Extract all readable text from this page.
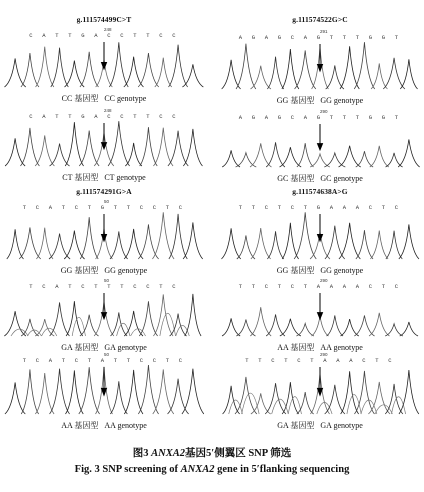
g.111574499C>T
248
C A T T G A C C T T C C
CC 基因型 CC genotype
248
C A T T G A C C T T C C
CT 基因型 CT genotype
g.111574522G>C
291
A G A G C A G T T T G G T
GG 基因型 GG genotype
290
A G A G C A G T T T G G T
GC 基因型 GC genotype
g.111574291G>A
50
T C A T C T G T T C C T C
GG 基因型 GG genotype
50
T C A T C T T T C C T C
GA 基因型 GA genotype
50
T C A T C T A T T C C T C
AA 基因型 AA genotype
g.111574638A>G
T T C T C T G A A A C T C
GG 基因型 GG genotype
290
T T C T C T A A A A C T C
AA 基因型 AA genotype
290
T T C T C T A A A C T C
GA 基因型 GA genotype
图3 ANXA2基因5′侧翼区 SNP 筛选
Fig. 3 SNP screening of ANXA2 gene in 5′flanking sequencing
